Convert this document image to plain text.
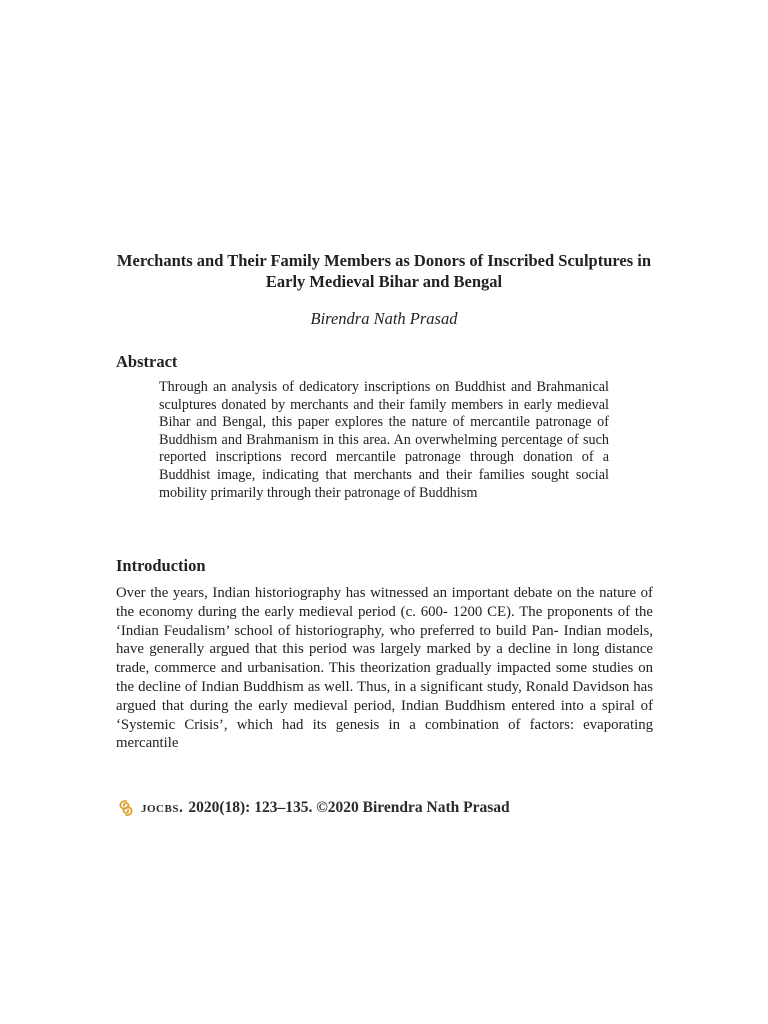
Merchants and Their Family Members as Donors of Inscribed Sculptures in Early Medieval Bihar and Bengal
Birendra Nath Prasad
Abstract
Through an analysis of dedicatory inscriptions on Buddhist and Brahmanical sculptures donated by merchants and their family members in early medieval Bihar and Bengal, this paper explores the nature of mercantile patronage of Buddhism and Brahmanism in this area. An overwhelming percentage of such reported inscriptions record mercantile patronage through donation of a Buddhist image, indicating that merchants and their families sought social mobility primarily through their patronage of Buddhism
Introduction
Over the years, Indian historiography has witnessed an important debate on the nature of the economy during the early medieval period (c. 600- 1200 CE). The proponents of the ‘Indian Feudalism’ school of historiography, who preferred to build Pan- Indian models, have generally argued that this period was largely marked by a decline in long distance trade, commerce and urbanisation. This theorization gradually impacted some studies on the decline of Indian Buddhism as well. Thus, in a significant study, Ronald Davidson has argued that during the early medieval period, Indian Buddhism entered into a spiral of ‘Systemic Crisis’, which had its genesis in a combination of factors: evaporating mercantile
jocbs. 2020(18): 123–135. ©2020 Birendra Nath Prasad
